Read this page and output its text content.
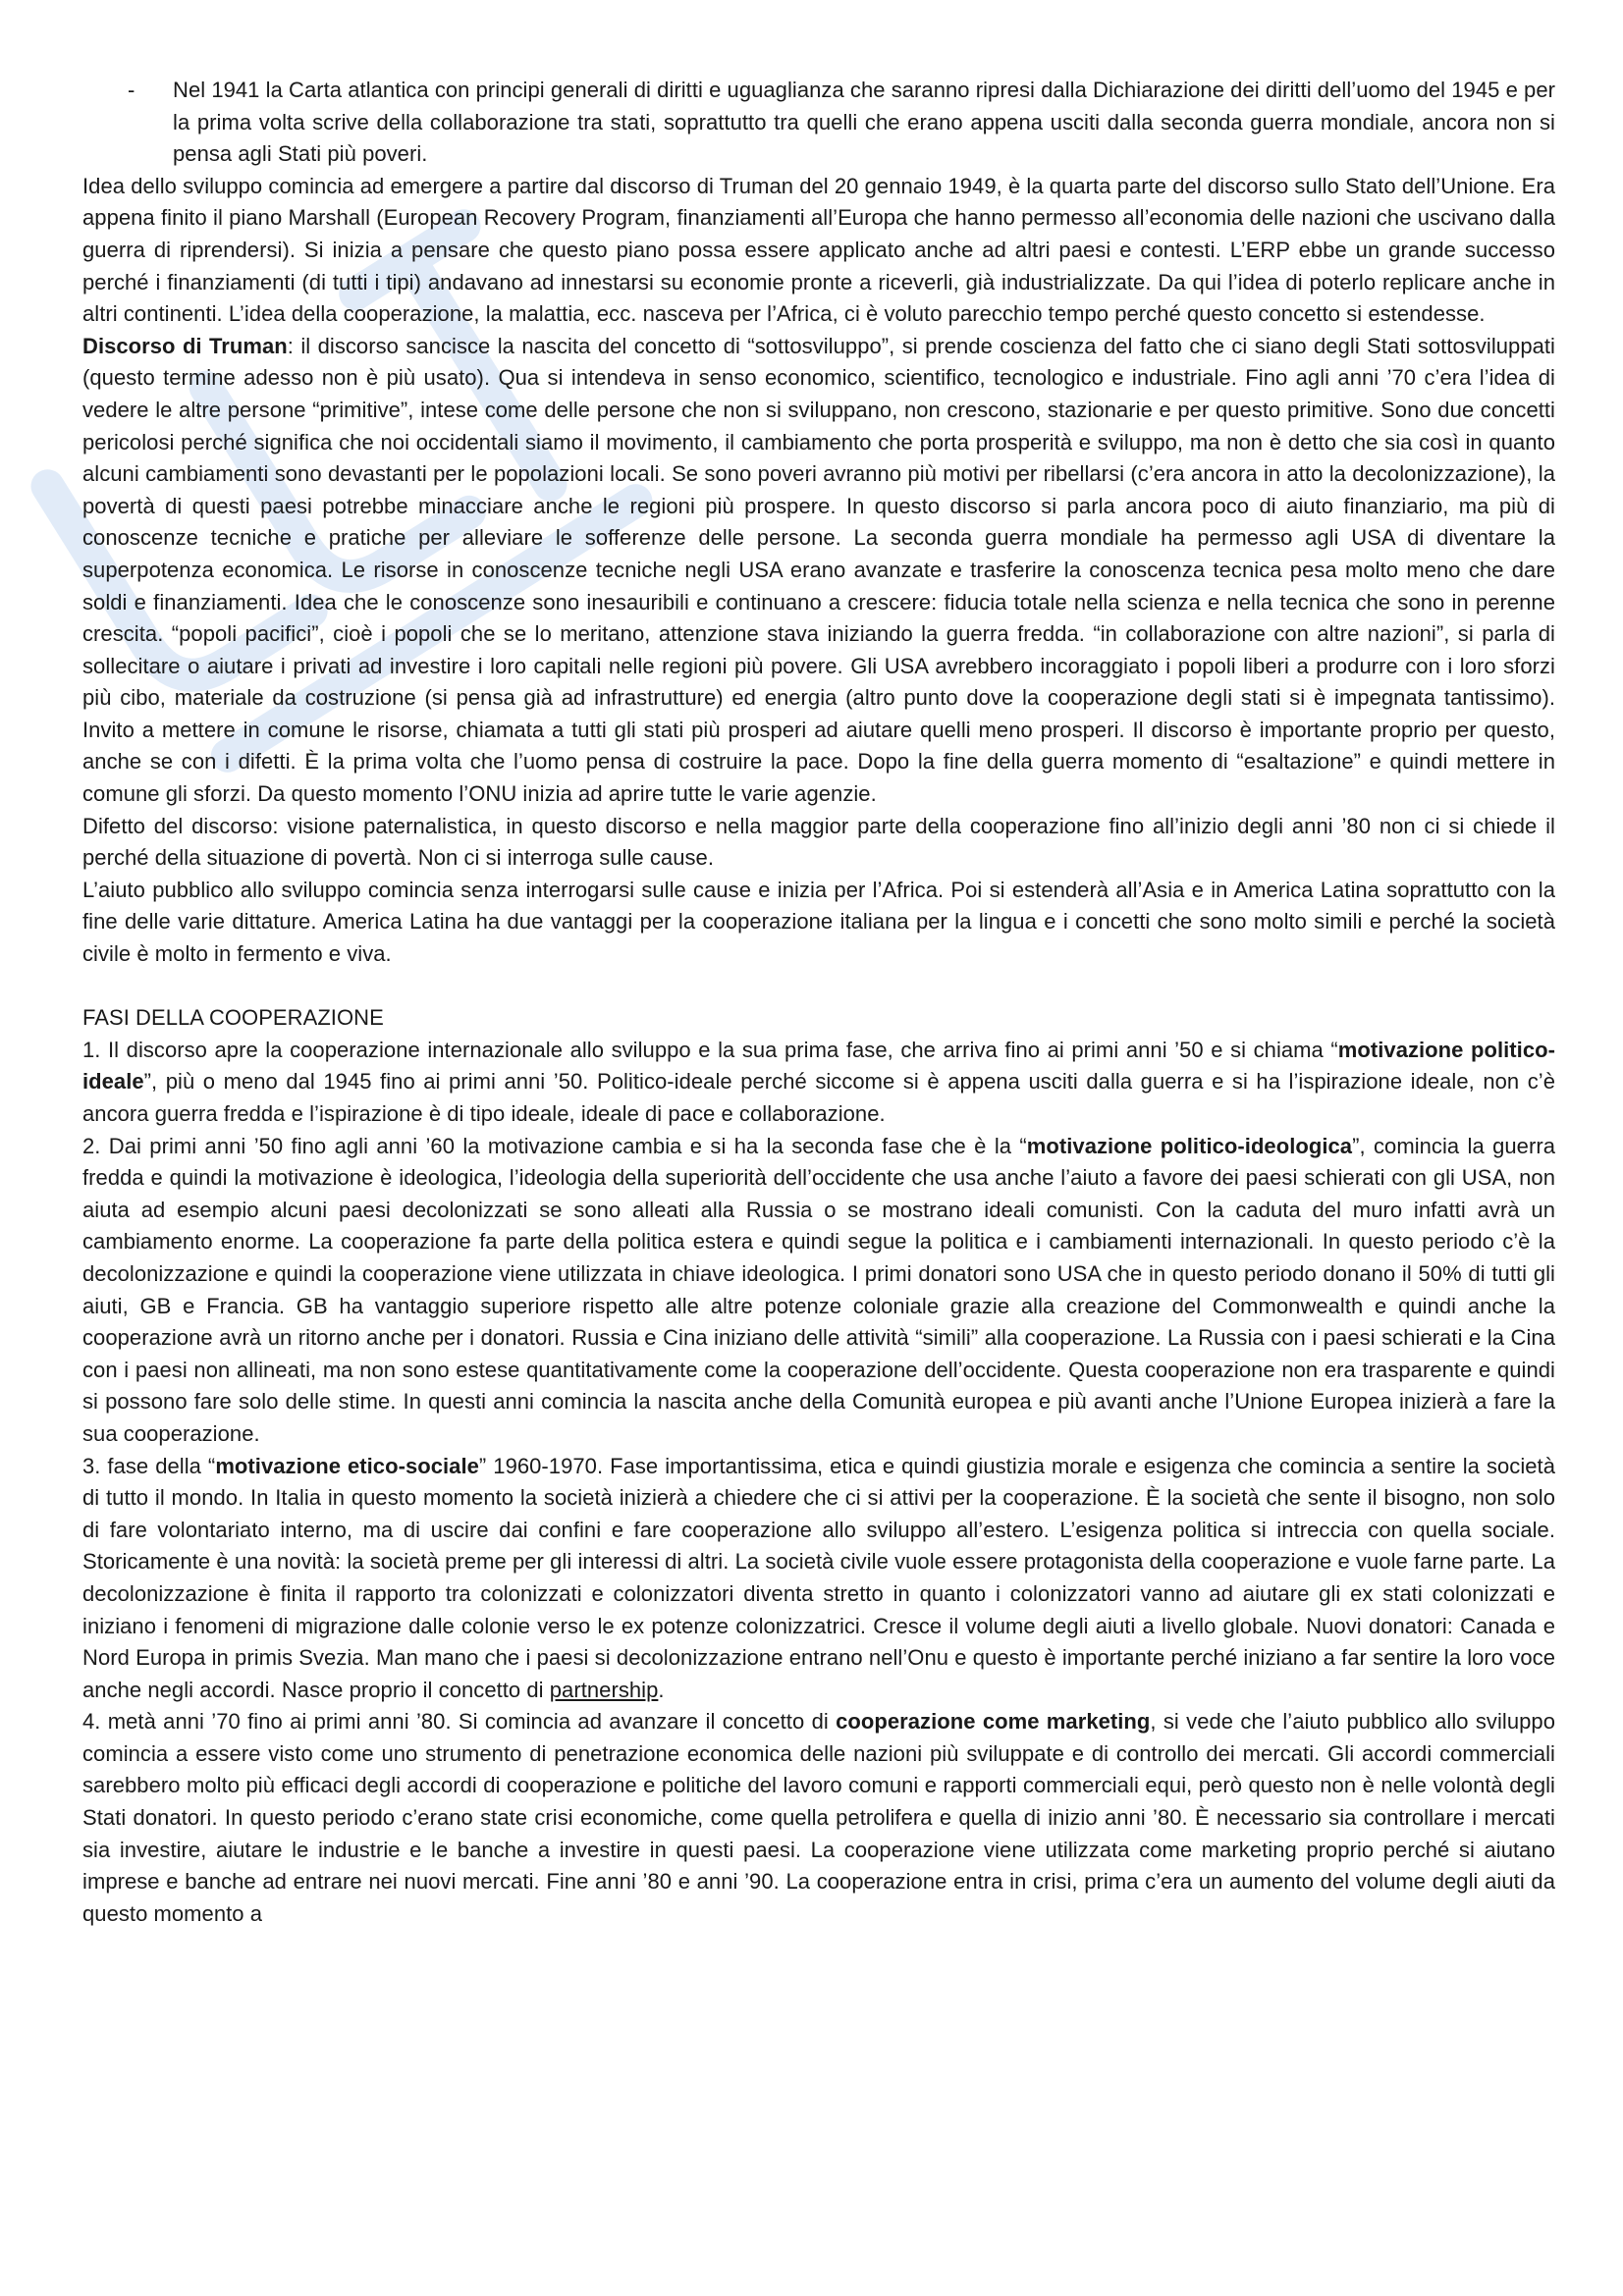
- Nel 1941 la Carta atlantica con principi generali di diritti e uguaglianza che saranno ripresi dalla Dichiarazione dei diritti dell’uomo del 1945 e per la prima volta scrive della collaborazione tra stati, soprattutto tra quelli che erano appena usciti dalla seconda guerra mondiale, ancora non si pensa agli Stati più poveri.

Idea dello sviluppo comincia ad emergere a partire dal discorso di Truman del 20 gennaio 1949, è la quarta parte del discorso sullo Stato dell’Unione. Era appena finito il piano Marshall (European Recovery Program, finanziamenti all’Europa che hanno permesso all’economia delle nazioni che uscivano dalla guerra di riprendersi). Si inizia a pensare che questo piano possa essere applicato anche ad altri paesi e contesti. L’ERP ebbe un grande successo perché i finanziamenti (di tutti i tipi) andavano ad innestarsi su economie pronte a riceverli, già industrializzate. Da qui l’idea di poterlo replicare anche in altri continenti. L’idea della cooperazione, la malattia, ecc. nasceva per l’Africa, ci è voluto parecchio tempo perché questo concetto si estendesse.

Discorso di Truman: il discorso sancisce la nascita del concetto di “sottosviluppo”, si prende coscienza del fatto che ci siano degli Stati sottosviluppati (questo termine adesso non è più usato). Qua si intendeva in senso economico, scientifico, tecnologico e industriale. Fino agli anni ’70 c’era l’idea di vedere le altre persone “primitive”, intese come delle persone che non si sviluppano, non crescono, stazionarie e per questo primitive. Sono due concetti pericolosi perché significa che noi occidentali siamo il movimento, il cambiamento che porta prosperità e sviluppo, ma non è detto che sia così in quanto alcuni cambiamenti sono devastanti per le popolazioni locali. Se sono poveri avranno più motivi per ribellarsi (c’era ancora in atto la decolonizzazione), la povertà di questi paesi potrebbe minacciare anche le regioni più prospere. In questo discorso si parla ancora poco di aiuto finanziario, ma più di conoscenze tecniche e pratiche per alleviare le sofferenze delle persone. La seconda guerra mondiale ha permesso agli USA di diventare la superpotenza economica. Le risorse in conoscenze tecniche negli USA erano avanzate e trasferire la conoscenza tecnica pesa molto meno che dare soldi e finanziamenti. Idea che le conoscenze sono inesauribili e continuano a crescere: fiducia totale nella scienza e nella tecnica che sono in perenne crescita. “popoli pacifici”, cioè i popoli che se lo meritano, attenzione stava iniziando la guerra fredda. “in collaborazione con altre nazioni”, si parla di sollecitare o aiutare i privati ad investire i loro capitali nelle regioni più povere. Gli USA avrebbero incoraggiato i popoli liberi a produrre con i loro sforzi più cibo, materiale da costruzione (si pensa già ad infrastrutture) ed energia (altro punto dove la cooperazione degli stati si è impegnata tantissimo). Invito a mettere in comune le risorse, chiamata a tutti gli stati più prosperi ad aiutare quelli meno prosperi. Il discorso è importante proprio per questo, anche se con i difetti. È la prima volta che l’uomo pensa di costruire la pace. Dopo la fine della guerra momento di “esaltazione” e quindi mettere in comune gli sforzi. Da questo momento l’ONU inizia ad aprire tutte le varie agenzie.

Difetto del discorso: visione paternalistica, in questo discorso e nella maggior parte della cooperazione fino all’inizio degli anni ’80 non ci si chiede il perché della situazione di povertà. Non ci si interroga sulle cause.

L’aiuto pubblico allo sviluppo comincia senza interrogarsi sulle cause e inizia per l’Africa. Poi si estenderà all’Asia e in America Latina soprattutto con la fine delle varie dittature. America Latina ha due vantaggi per la cooperazione italiana per la lingua e i concetti che sono molto simili e perché la società civile è molto in fermento e viva.

FASI DELLA COOPERAZIONE

1. Il discorso apre la cooperazione internazionale allo sviluppo e la sua prima fase, che arriva fino ai primi anni ’50 e si chiama “motivazione politico-ideale”, più o meno dal 1945 fino ai primi anni ’50. Politico-ideale perché siccome si è appena usciti dalla guerra e si ha l’ispirazione ideale, non c’è ancora guerra fredda e l’ispirazione è di tipo ideale, ideale di pace e collaborazione.

2. Dai primi anni ’50 fino agli anni ’60 la motivazione cambia e si ha la seconda fase che è la “motivazione politico-ideologica”, comincia la guerra fredda e quindi la motivazione è ideologica, l’ideologia della superiorità dell’occidente che usa anche l’aiuto a favore dei paesi schierati con gli USA, non aiuta ad esempio alcuni paesi decolonizzati se sono alleati alla Russia o se mostrano ideali comunisti. Con la caduta del muro infatti avrà un cambiamento enorme. La cooperazione fa parte della politica estera e quindi segue la politica e i cambiamenti internazionali. In questo periodo c’è la decolonizzazione e quindi la cooperazione viene utilizzata in chiave ideologica. I primi donatori sono USA che in questo periodo donano il 50% di tutti gli aiuti, GB e Francia. GB ha vantaggio superiore rispetto alle altre potenze coloniale grazie alla creazione del Commonwealth e quindi anche la cooperazione avrà un ritorno anche per i donatori. Russia e Cina iniziano delle attività “simili” alla cooperazione. La Russia con i paesi schierati e la Cina con i paesi non allineati, ma non sono estese quantitativamente come la cooperazione dell’occidente. Questa cooperazione non era trasparente e quindi si possono fare solo delle stime. In questi anni comincia la nascita anche della Comunità europea e più avanti anche l’Unione Europea inizierà a fare la sua cooperazione.

3. fase della “motivazione etico-sociale” 1960-1970. Fase importantissima, etica e quindi giustizia morale e esigenza che comincia a sentire la società di tutto il mondo. In Italia in questo momento la società inizierà a chiedere che ci si attivi per la cooperazione. È la società che sente il bisogno, non solo di fare volontariato interno, ma di uscire dai confini e fare cooperazione allo sviluppo all’estero. L’esigenza politica si intreccia con quella sociale. Storicamente è una novità: la società preme per gli interessi di altri. La società civile vuole essere protagonista della cooperazione e vuole farne parte. La decolonizzazione è finita il rapporto tra colonizzati e colonizzatori diventa stretto in quanto i colonizzatori vanno ad aiutare gli ex stati colonizzati e iniziano i fenomeni di migrazione dalle colonie verso le ex potenze colonizzatrici. Cresce il volume degli aiuti a livello globale. Nuovi donatori: Canada e Nord Europa in primis Svezia. Man mano che i paesi si decolonizzazione entrano nell’Onu e questo è importante perché iniziano a far sentire la loro voce anche negli accordi. Nasce proprio il concetto di partnership.

4. metà anni ’70 fino ai primi anni ’80. Si comincia ad avanzare il concetto di cooperazione come marketing, si vede che l’aiuto pubblico allo sviluppo comincia a essere visto come uno strumento di penetrazione economica delle nazioni più sviluppate e di controllo dei mercati. Gli accordi commerciali sarebbero molto più efficaci degli accordi di cooperazione e politiche del lavoro comuni e rapporti commerciali equi, però questo non è nelle volontà degli Stati donatori. In questo periodo c’erano state crisi economiche, come quella petrolifera e quella di inizio anni ’80. È necessario sia controllare i mercati sia investire, aiutare le industrie e le banche a investire in questi paesi. La cooperazione viene utilizzata come marketing proprio perché si aiutano imprese e banche ad entrare nei nuovi mercati. Fine anni ’80 e anni ’90. La cooperazione entra in crisi, prima c’era un aumento del volume degli aiuti da questo momento a
